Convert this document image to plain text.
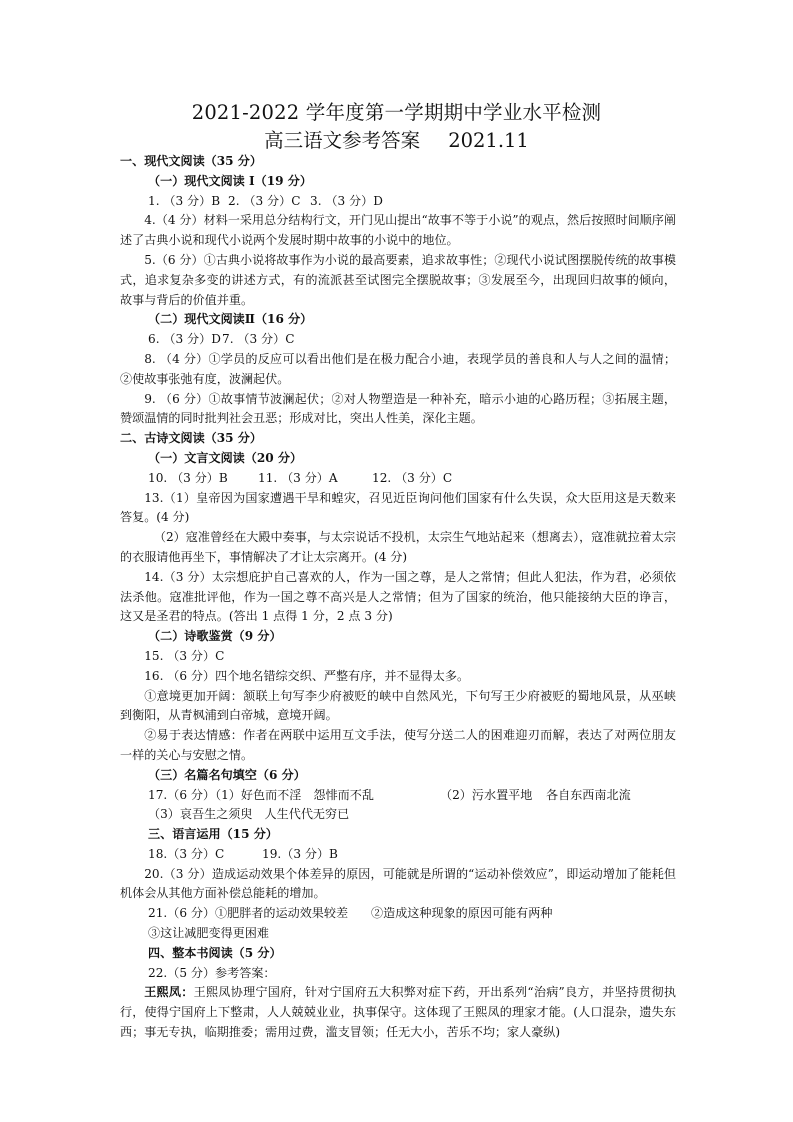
2021-2022 学年度第一学期期中学业水平检测
高三语文参考答案 2021.11

一、现代文阅读（35 分）

（一）现代文阅读 I（19 分）

1. （3 分）B 2. （3 分）C 3. （3 分）D

4.（4 分）材料一采用总分结构行文，开门见山提出“故事不等于小说”的观点，然后按照时间顺序阐述了古典小说和现代小说两个发展时期中故事的小说中的地位。

5.（6 分）①古典小说将故事作为小说的最高要素，追求故事性；②现代小说试图摆脱传统的故事模式，追求复杂多变的讲述方式，有的流派甚至试图完全摆脱故事；③发展至今，出现回归故事的倾向，故事与背后的价值并重。

（二）现代文阅读Ⅱ（16 分）

6. （3 分）D 7. （3 分）C

8. （4 分）①学员的反应可以看出他们是在极力配合小迪，表现学员的善良和人与人之间的温情；②使故事张弛有度，波澜起伏。

9. （6 分）①故事情节波澜起伏；②对人物塑造是一种补充，暗示小迪的心路历程；③拓展主题，赞颂温情的同时批判社会丑恶；形成对比，突出人性美，深化主题。

二、古诗文阅读（35 分）

（一）文言文阅读（20 分）

10. （3 分）B	11. （3 分）A	12. （3 分）C

13.（1）皇帝因为国家遭遇干旱和蝗灾，召见近臣询问他们国家有什么失误，众大臣用这是天数来答复。(4 分)

（2）寇准曾经在大殿中奏事，与太宗说话不投机，太宗生气地站起来（想离去），寇准就拉着太宗的衣服请他再坐下，事情解决了才让太宗离开。(4 分)

14.（3 分）太宗想庇护自己喜欢的人，作为一国之尊，是人之常情；但此人犯法，作为君，必须依法杀他。寇准批评他，作为一国之尊不高兴是人之常情；但为了国家的统治，他只能接纳大臣的诤言，这又是圣君的特点。(答出 1 点得 1 分，2 点 3 分)

（二）诗歌鉴赏（9 分）

15. （3 分）C

16. （6 分）四个地名错综交织、严整有序，并不显得太多。

①意境更加开阔：颔联上句写李少府被贬的峡中自然风光，下句写王少府被贬的蜀地风景，从巫峡到衡阳，从青枫浦到白帝城，意境开阔。

②易于表达情感：作者在两联中运用互文手法，使写分送二人的困难迎刃而解，表达了对两位朋友一样的关心与安慰之情。

（三）名篇名句填空（6 分）

17.（6 分）（1）好色而不淫　怨悱而不乱	（2）污水置平地	各自东西南北流

（3）哀吾生之须臾　人生代代无穷已

三、语言运用（15 分）

18.（3 分）C	19.（3 分）B

20.（3 分）造成运动效果个体差异的原因，可能就是所谓的“运动补偿效应”，即运动增加了能耗但机体会从其他方面补偿总能耗的增加。

21.（6 分）①肥胖者的运动效果较差	②造成这种现象的原因可能有两种

③这让减肥变得更困难

四、整本书阅读（5 分）

22.（5 分）参考答案：

王熙凤：王熙凤协理宁国府，针对宁国府五大积弊对症下药，开出系列“治病”良方，并坚持贯彻执行，使得宁国府上下整肃，人人兢兢业业，执事保守。这体现了王熙凤的理家才能。(人口混杂，遗失东西；事无专执，临期推委；需用过费，滥支冒领；任无大小，苦乐不均；家人豪纵)
